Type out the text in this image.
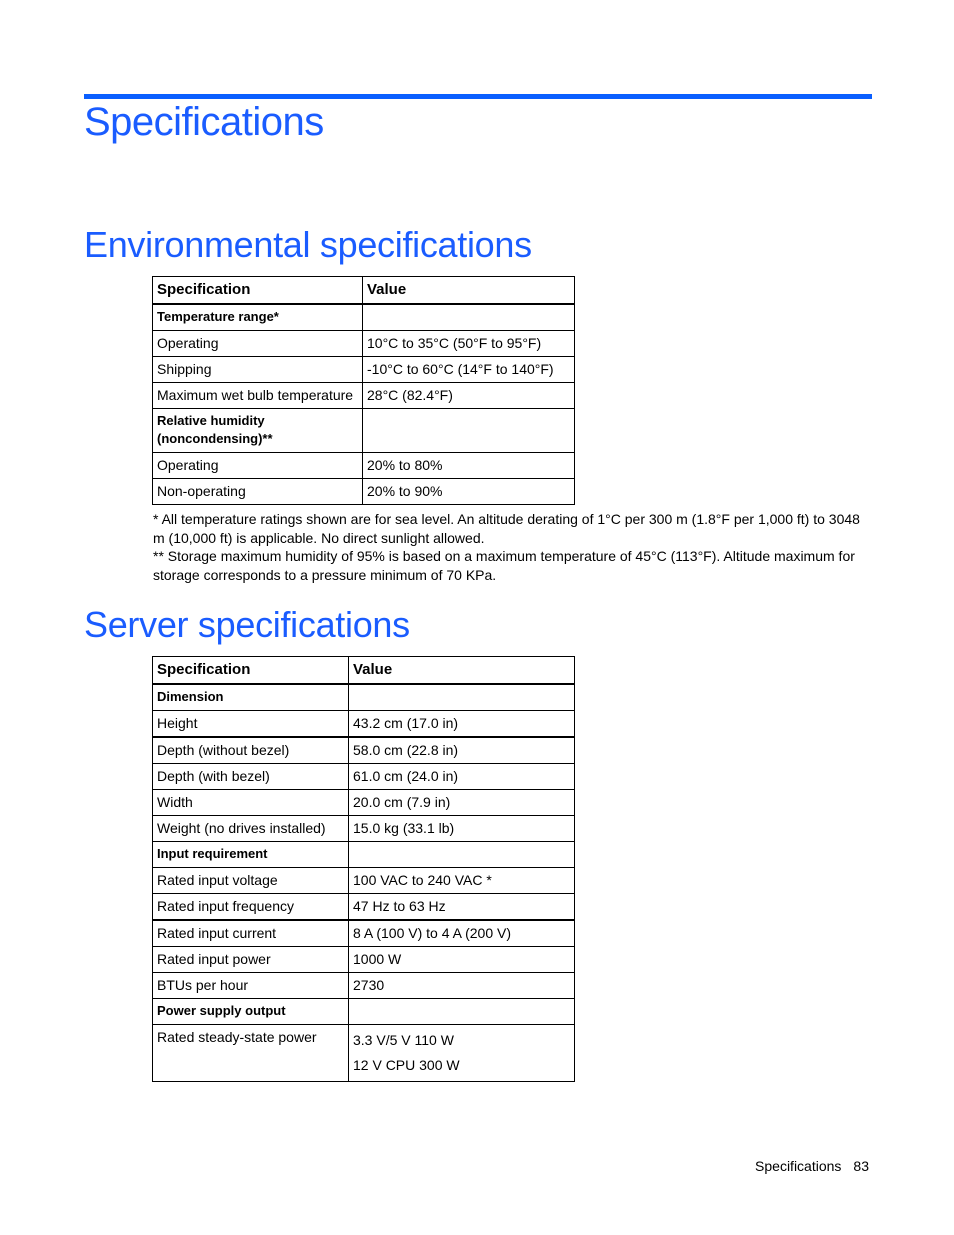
Specifications
Environmental specifications
Specification	Value
Temperature range*	
Operating	10°C to 35°C (50°F to 95°F)
Shipping	-10°C to 60°C (14°F to 140°F)
Maximum wet bulb temperature	28°C (82.4°F)
Relative humidity (noncondensing)**	
Operating	20% to 80%
Non-operating	20% to 90%

* All temperature ratings shown are for sea level. An altitude derating of 1°C per 300 m (1.8°F per 1,000 ft) to 3048 m (10,000 ft) is applicable. No direct sunlight allowed.

** Storage maximum humidity of 95% is based on a maximum temperature of 45°C (113°F). Altitude maximum for storage corresponds to a pressure minimum of 70 KPa.

Server specifications
Specification	Value
Dimension	
Height	43.2 cm (17.0 in)
Depth (without bezel)	58.0 cm (22.8 in)
Depth (with bezel)	61.0 cm (24.0 in)
Width	20.0 cm (7.9 in)
Weight (no drives installed)	15.0 kg (33.1 lb)
Input requirement	
Rated input voltage	100 VAC to 240 VAC *
Rated input frequency	47 Hz to 63 Hz
Rated input current	8 A (100 V) to 4 A (200 V)
Rated input power	1000 W
BTUs per hour	2730
Power supply output	
Rated steady-state power	3.3 V/5 V 110 W
12 V CPU 300 W
Specifications 83
